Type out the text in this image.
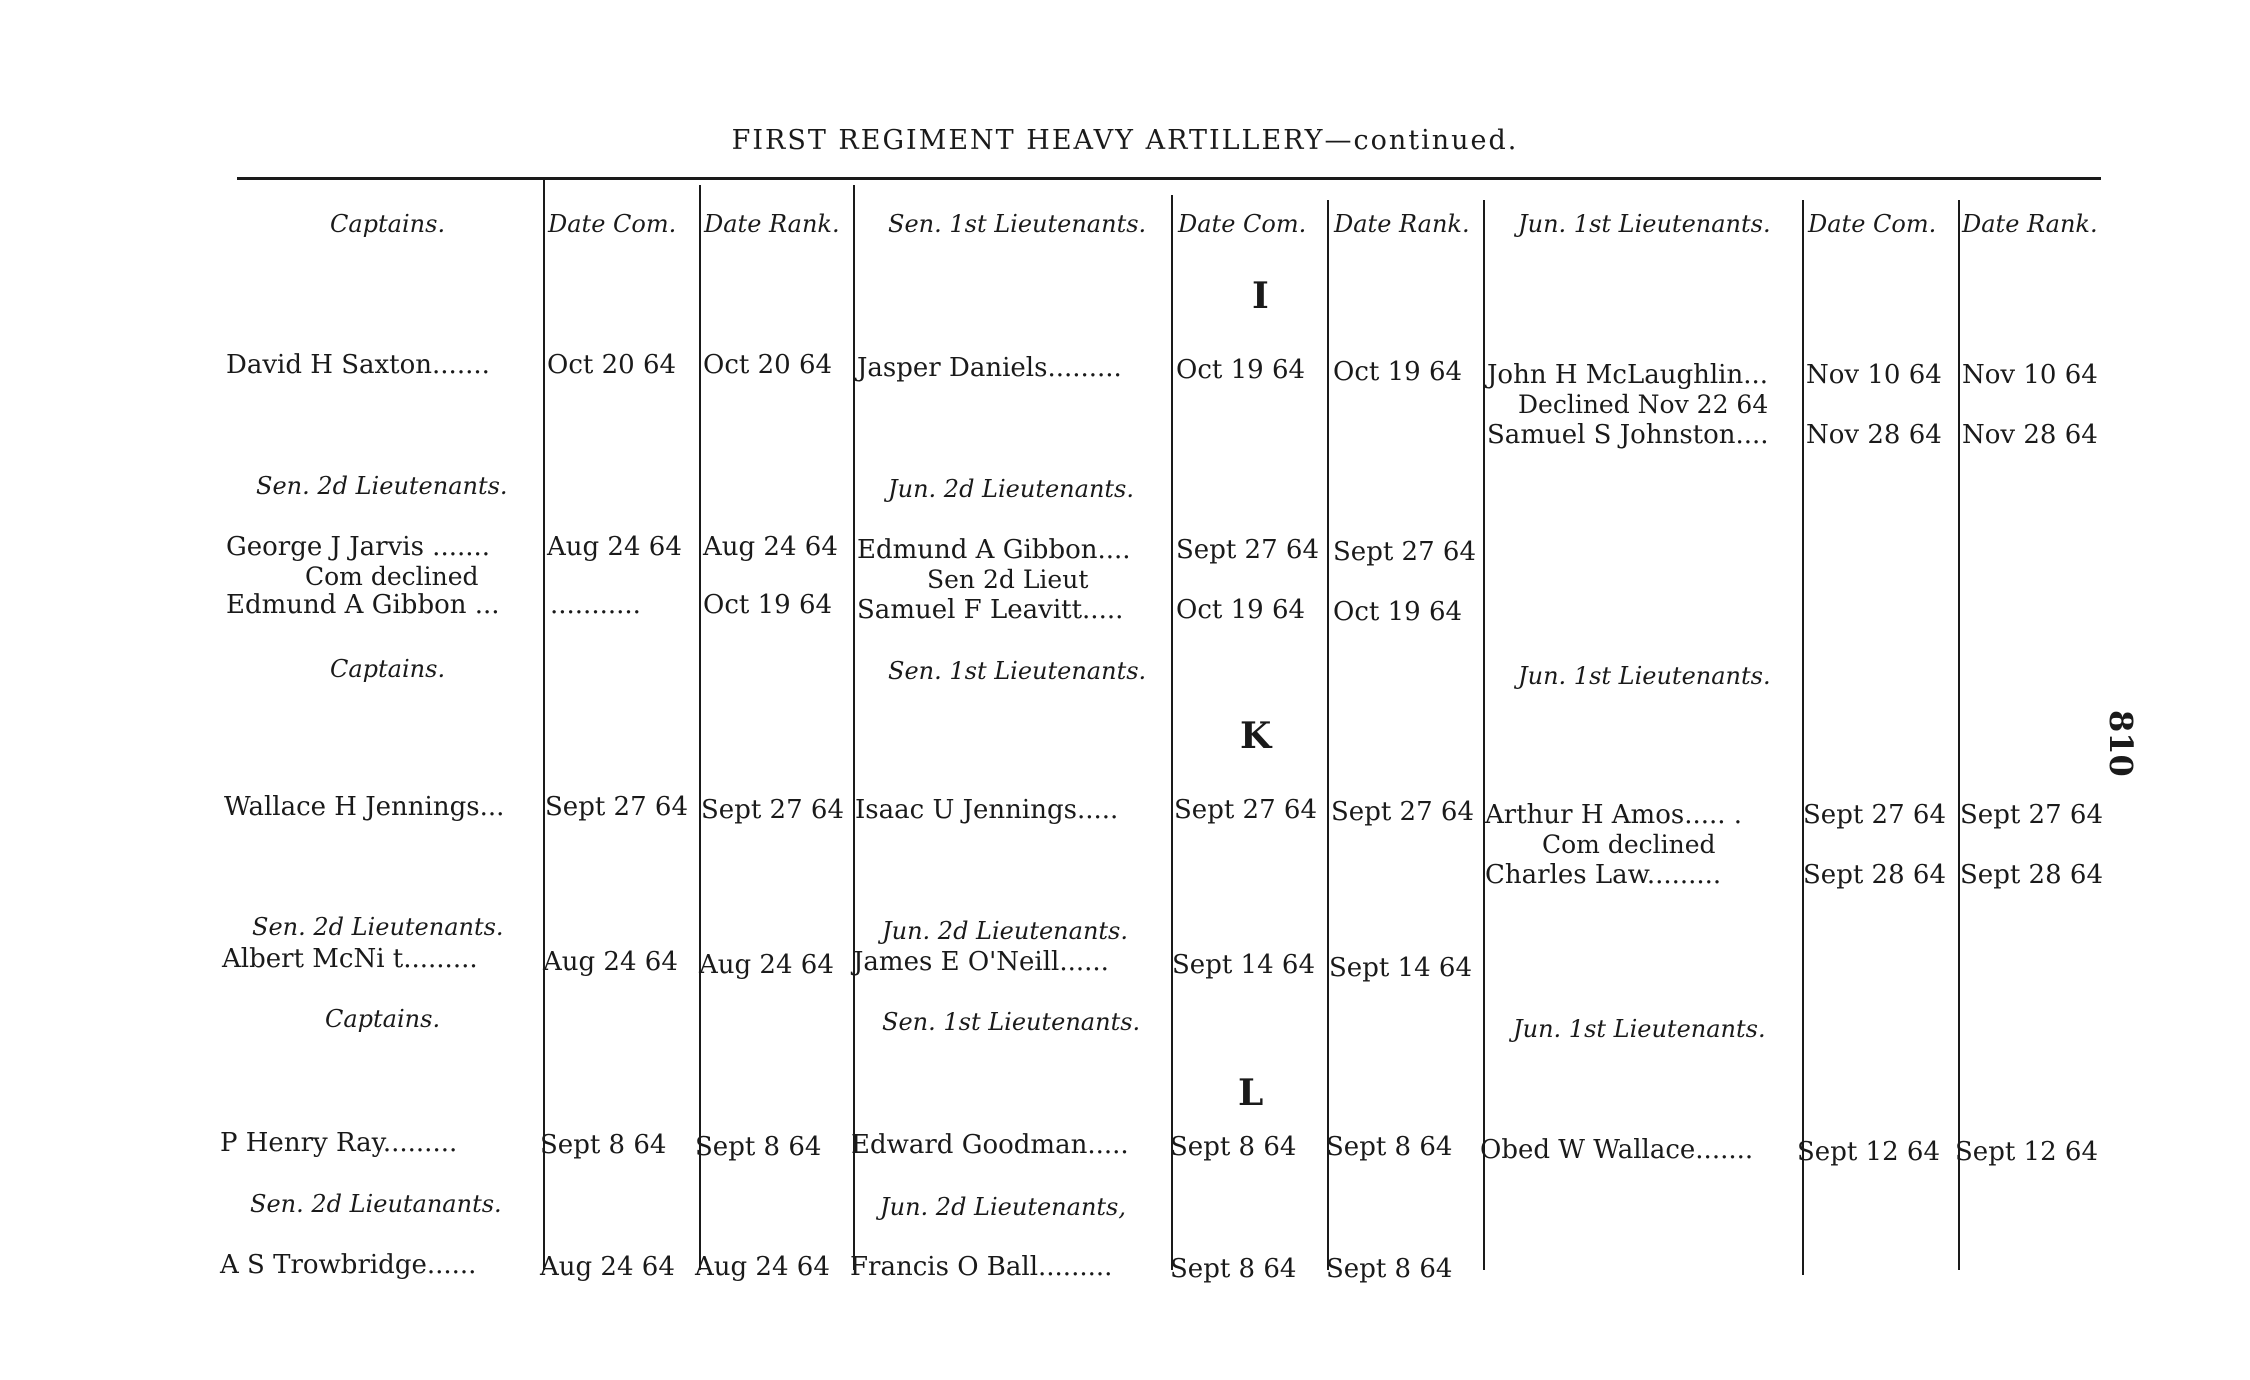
FIRST REGIMENT HEAVY ARTILLERY—continued.
Captains.	Date Com. Date Rank. Sen. 1st Lieutenants. Date Com. Date Rank. Jun. 1st Lieutenants. Date Com. Date Rank.
I
David H Saxton....... Oct 20 64 Oct 20 64 Jasper Daniels......... Oct 19 64 Oct 19 64 John H McLaughlin... Nov 10 64 Nov 10 64
Declined Nov 22 64
Samuel S Johnston.... Nov 28 64 Nov 28 64
Sen. 2d Lieutenants.	Jun. 2d Lieutenants.
George J Jarvis ....... Aug 24 64 Aug 24 64
Com declined
Edmund A Gibbon ... ........... Oct 19 64
Edmund A Gibbon.... Sept 27 64 Sept 27 64
Sen 2d Lieut
Samuel F Leavitt..... Oct 19 64 Oct 19 64
Captains.	Sen. 1st Lieutenants.	Jun. 1st Lieutenants.
K
Wallace H Jennings... Sept 27 64 Sept 27 64 Isaac U Jennings..... Sept 27 64 Sept 27 64 Arthur H Amos..... . Sept 27 64 Sept 27 64
Com declined
Charles Law.........	Sept 28 64 Sept 28 64
Sen. 2d Lieutenants.	Jun. 2d Lieutenants.
Albert McNi t.........	Aug 24 64 Aug 24 64 James E O'Neill...... Sept 14 64 Sept 14 64
Captains.	Sen. 1st Lieutenants.	Jun. 1st Lieutenants.
L
P Henry Ray.........	Sept 8 64 Sept 8 64 Edward Goodman..... Sept 8 64 Sept 8 64 Obed W Wallace....... Sept 12 64 Sept 12 64
Sen. 2d Lieutanants.	Jun. 2d Lieutenants,
A S Trowbridge...... Aug 24 64 Aug 24 64 Francis O Ball......... Sept 8 64 Sept 8 64
810
